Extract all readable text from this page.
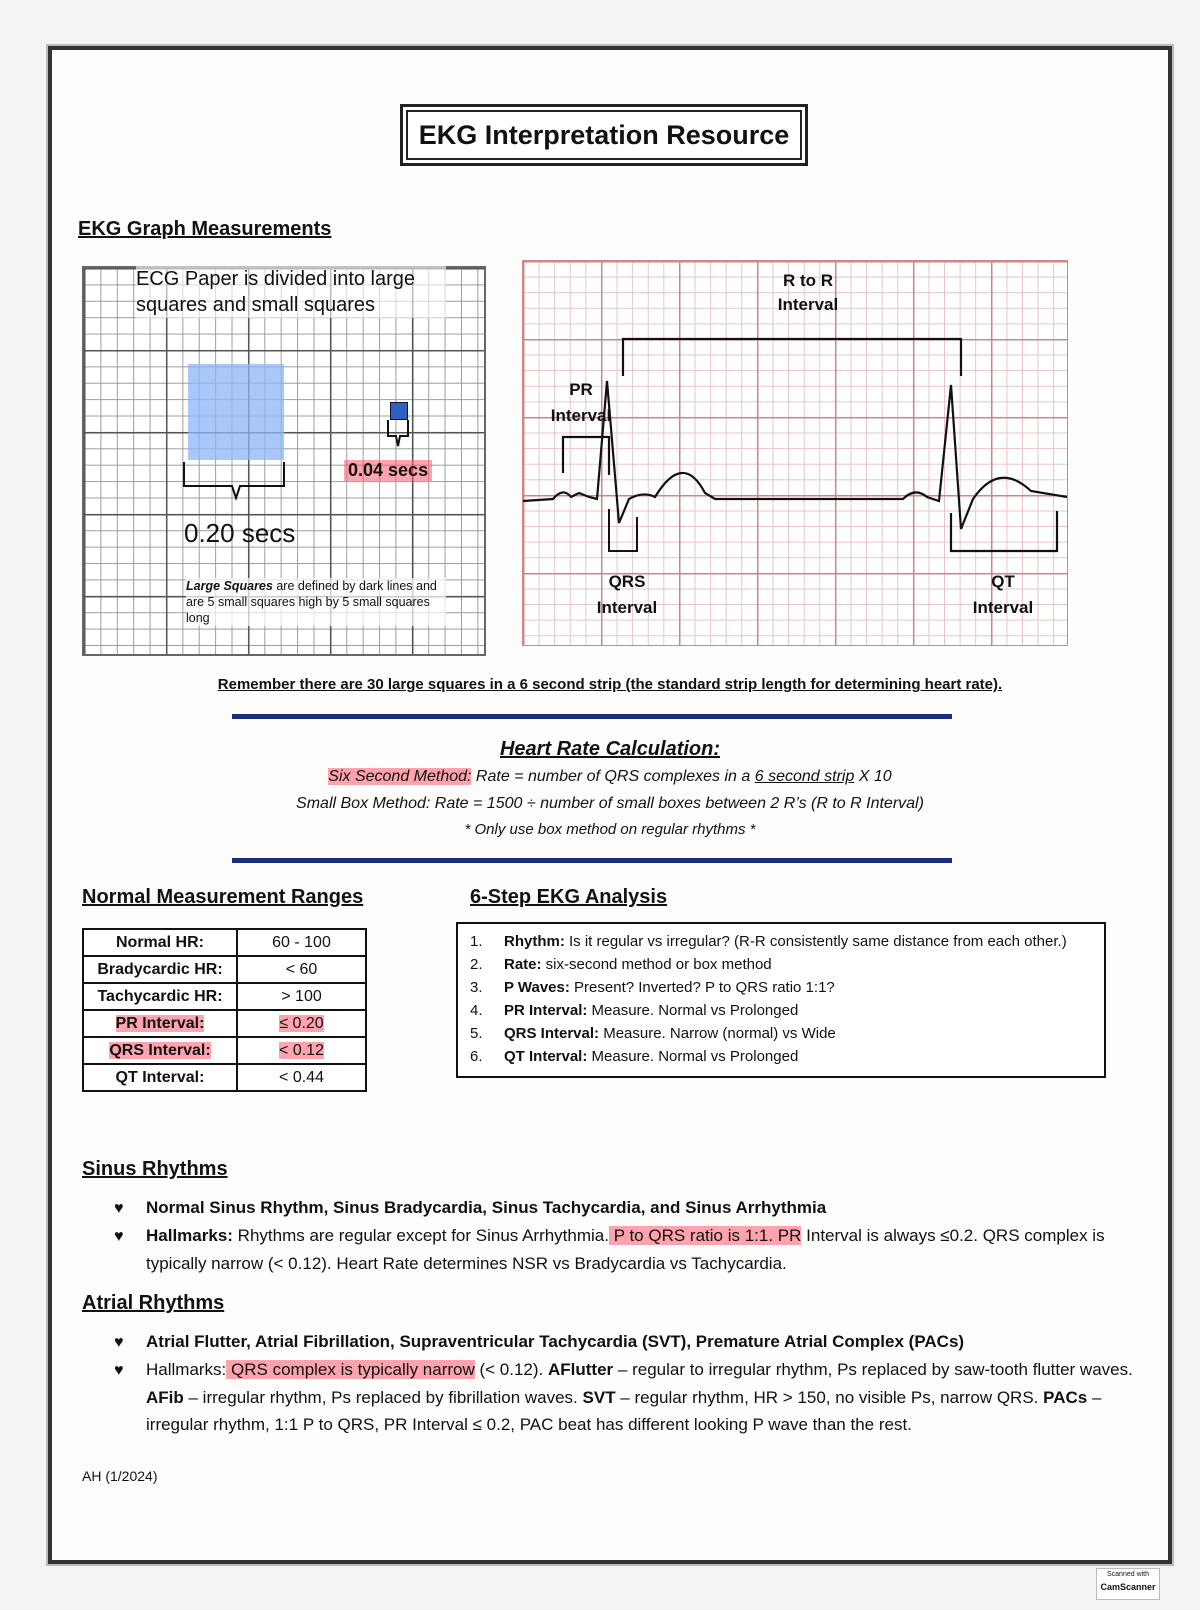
EKG Interpretation Resource
EKG Graph Measurements
ECG Paper is divided into large squares and small squares
0.20 secs
0.04 secs
Large Squares are defined by dark lines and are 5 small squares high by 5 small squares long
R to R Interval
PR Interval
QRS Interval
QT Interval
Remember there are 30 large squares in a 6 second strip (the standard strip length for determining heart rate).
Heart Rate Calculation:
Six Second Method: Rate = number of QRS complexes in a 6 second strip X 10
Small Box Method: Rate = 1500 ÷ number of small boxes between 2 R’s (R to R Interval)
* Only use box method on regular rhythms *
Normal Measurement Ranges
Normal HR:	60 - 100
Bradycardic HR:	< 60
Tachycardic HR:	> 100
PR Interval:	≤ 0.20
QRS Interval:	< 0.12
QT Interval:	< 0.44
6-Step EKG Analysis
1. Rhythm: Is it regular vs irregular? (R-R consistently same distance from each other.)
2. Rate: six-second method or box method
3. P Waves: Present? Inverted? P to QRS ratio 1:1?
4. PR Interval: Measure. Normal vs Prolonged
5. QRS Interval: Measure. Narrow (normal) vs Wide
6. QT Interval: Measure. Normal vs Prolonged
Sinus Rhythms
♥ Normal Sinus Rhythm, Sinus Bradycardia, Sinus Tachycardia, and Sinus Arrhythmia
♥ Hallmarks: Rhythms are regular except for Sinus Arrhythmia. P to QRS ratio is 1:1. PR Interval is always ≤0.2. QRS complex is typically narrow (< 0.12). Heart Rate determines NSR vs Bradycardia vs Tachycardia.
Atrial Rhythms
♥ Atrial Flutter, Atrial Fibrillation, Supraventricular Tachycardia (SVT), Premature Atrial Complex (PACs)
♥ Hallmarks: QRS complex is typically narrow (< 0.12). AFlutter – regular to irregular rhythm, Ps replaced by saw-tooth flutter waves. AFib – irregular rhythm, Ps replaced by fibrillation waves. SVT – regular rhythm, HR > 150, no visible Ps, narrow QRS. PACs – irregular rhythm, 1:1 P to QRS, PR Interval ≤ 0.2, PAC beat has different looking P wave than the rest.
AH (1/2024)
Scanned with
CamScanner
